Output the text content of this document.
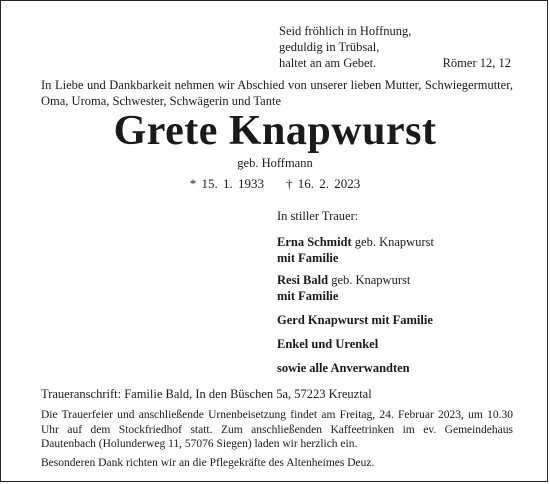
Seid fröhlich in Hoffnung,
geduldig in Trübsal,
haltet an am Gebet.	Römer 12, 12
In Liebe und Dankbarkeit nehmen wir Abschied von unserer lieben Mutter, Schwiegermutter, Oma, Uroma, Schwester, Schwägerin und Tante
Grete Knapwurst
geb. Hoffmann
* 15. 1. 1933 † 16. 2. 2023
In stiller Trauer:
Erna Schmidt geb. Knapwurst
mit Familie
Resi Bald geb. Knapwurst
mit Familie
Gerd Knapwurst mit Familie
Enkel und Urenkel
sowie alle Anverwandten
Traueranschrift: Familie Bald, In den Büschen 5a, 57223 Kreuztal
Die Trauerfeier und anschließende Urnenbeisetzung findet am Freitag, 24. Februar 2023, um 10.30 Uhr auf dem Stockfriedhof statt. Zum anschließenden Kaffeetrinken im ev. Gemeindehaus Dautenbach (Holunderweg 11, 57076 Siegen) laden wir herzlich ein.
Besonderen Dank richten wir an die Pflegekräfte des Altenheimes Deuz.
